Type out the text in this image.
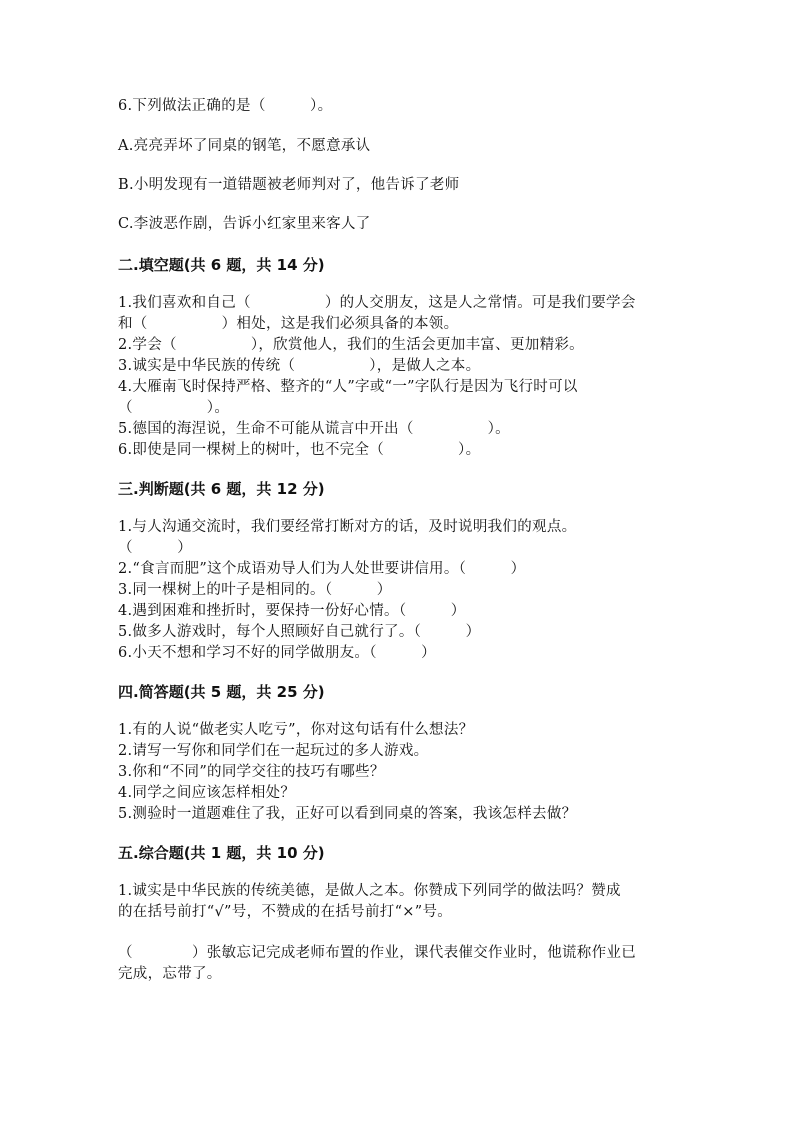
6.下列做法正确的是（　　　）。
A.亮亮弄坏了同桌的钢笔，不愿意承认
B.小明发现有一道错题被老师判对了，他告诉了老师
C.李波恶作剧，告诉小红家里来客人了
二.填空题(共 6 题，共 14 分)
1.我们喜欢和自己（　　　　　）的人交朋友，这是人之常情。可是我们要学会
和（　　　　　）相处，这是我们必须具备的本领。
2.学会（　　　　　），欣赏他人，我们的生活会更加丰富、更加精彩。
3.诚实是中华民族的传统（　　　　　），是做人之本。
4.大雁南飞时保持严格、整齐的“人”字或“一”字队行是因为飞行时可以
（　　　　　）。
5.德国的海涅说，生命不可能从谎言中开出（　　　　　）。
6.即使是同一棵树上的树叶，也不完全（　　　　　）。
三.判断题(共 6 题，共 12 分)
1.与人沟通交流时，我们要经常打断对方的话，及时说明我们的观点。
（　　　）
2.“食言而肥”这个成语劝导人们为人处世要讲信用。（　　　）
3.同一棵树上的叶子是相同的。（　　　）
4.遇到困难和挫折时，要保持一份好心情。（　　　）
5.做多人游戏时，每个人照顾好自己就行了。（　　　）
6.小天不想和学习不好的同学做朋友。（　　　）
四.简答题(共 5 题，共 25 分)
1.有的人说“做老实人吃亏”，你对这句话有什么想法？
2.请写一写你和同学们在一起玩过的多人游戏。
3.你和“不同”的同学交往的技巧有哪些？
4.同学之间应该怎样相处？
5.测验时一道题难住了我，正好可以看到同桌的答案，我该怎样去做？
五.综合题(共 1 题，共 10 分)
1.诚实是中华民族的传统美德，是做人之本。你赞成下列同学的做法吗？赞成
的在括号前打“√”号，不赞成的在括号前打“×”号。
（　　　　）张敏忘记完成老师布置的作业，课代表催交作业时，他谎称作业已
完成，忘带了。
